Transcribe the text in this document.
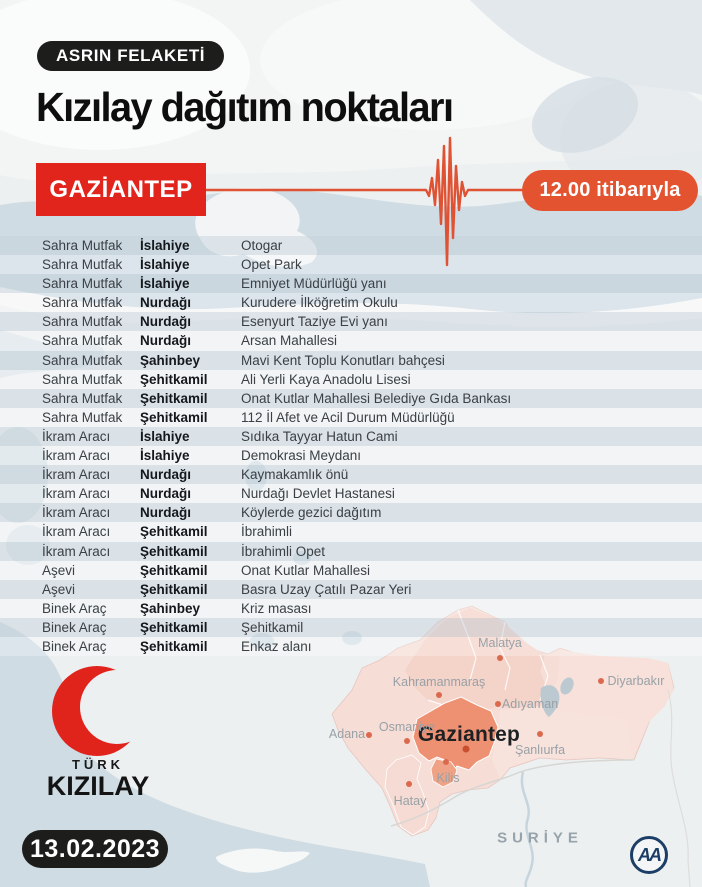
ASRIN FELAKETİ
Kızılay dağıtım noktaları
GAZİANTEP	12.00 itibarıyla
Sahra Mutfak	İslahiye	Otogar
Sahra Mutfak	İslahiye	Opet Park
Sahra Mutfak	İslahiye	Emniyet Müdürlüğü yanı
Sahra Mutfak	Nurdağı	Kurudere İlköğretim Okulu
Sahra Mutfak	Nurdağı	Esenyurt Taziye Evi yanı
Sahra Mutfak	Nurdağı	Arsan Mahallesi
Sahra Mutfak	Şahinbey	Mavi Kent Toplu Konutları bahçesi
Sahra Mutfak	Şehitkamil	Ali Yerli Kaya Anadolu Lisesi
Sahra Mutfak	Şehitkamil	Onat Kutlar Mahallesi Belediye Gıda Bankası
Sahra Mutfak	Şehitkamil	112 İl Afet ve Acil Durum Müdürlüğü
İkram Aracı	İslahiye	Sıdıka Tayyar Hatun Cami
İkram Aracı	İslahiye	Demokrasi Meydanı
İkram Aracı	Nurdağı	Kaymakamlık önü
İkram Aracı	Nurdağı	Nurdağı Devlet Hastanesi
İkram Aracı	Nurdağı	Köylerde gezici dağıtım
İkram Aracı	Şehitkamil	İbrahimli
İkram Aracı	Şehitkamil	İbrahimli Opet
Aşevi	Şehitkamil	Onat Kutlar Mahallesi
Aşevi	Şehitkamil	Basra Uzay Çatılı Pazar Yeri
Binek Araç	Şahinbey	Kriz masası
Binek Araç	Şehitkamil	Şehitkamil
Binek Araç	Şehitkamil	Enkaz alanı
Gaziantep
SURİYE
Malatya
Kahramanmaraş	Diyarbakır
Adıyaman
Osmaniye
Adana
Şanlıurfa
Kilis
Hatay
TÜRK
KIZILAY
13.02.2023	AA
